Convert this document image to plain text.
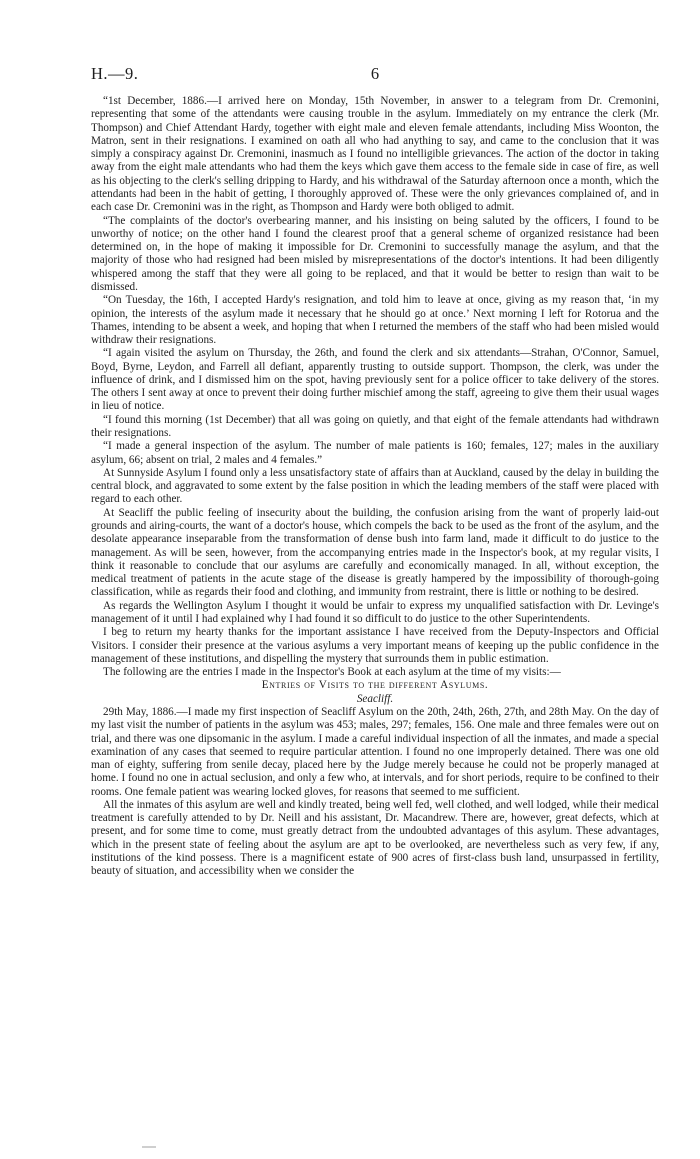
H.—9.	6

“1st December, 1886.—I arrived here on Monday, 15th November, in answer to a telegram from Dr. Cremonini, representing that some of the attendants were causing trouble in the asylum. Immediately on my entrance the clerk (Mr. Thompson) and Chief Attendant Hardy, together with eight male and eleven female attendants, including Miss Woonton, the Matron, sent in their resignations. I examined on oath all who had anything to say, and came to the conclusion that it was simply a conspiracy against Dr. Cremonini, inasmuch as I found no intelligible grievances. The action of the doctor in taking away from the eight male attendants who had them the keys which gave them access to the female side in case of fire, as well as his objecting to the clerk's selling dripping to Hardy, and his withdrawal of the Saturday afternoon once a month, which the attendants had been in the habit of getting, I thoroughly approved of. These were the only grievances complained of, and in each case Dr. Cremonini was in the right, as Thompson and Hardy were both obliged to admit.

“The complaints of the doctor's overbearing manner, and his insisting on being saluted by the officers, I found to be unworthy of notice; on the other hand I found the clearest proof that a general scheme of organized resistance had been determined on, in the hope of making it impossible for Dr. Cremonini to successfully manage the asylum, and that the majority of those who had resigned had been misled by misrepresentations of the doctor's intentions. It had been diligently whispered among the staff that they were all going to be replaced, and that it would be better to resign than wait to be dismissed.

“On Tuesday, the 16th, I accepted Hardy's resignation, and told him to leave at once, giving as my reason that, ‘in my opinion, the interests of the asylum made it necessary that he should go at once.’ Next morning I left for Rotorua and the Thames, intending to be absent a week, and hoping that when I returned the members of the staff who had been misled would withdraw their resignations.

“I again visited the asylum on Thursday, the 26th, and found the clerk and six attendants—Strahan, O'Connor, Samuel, Boyd, Byrne, Leydon, and Farrell all defiant, apparently trusting to outside support. Thompson, the clerk, was under the influence of drink, and I dismissed him on the spot, having previously sent for a police officer to take delivery of the stores. The others I sent away at once to prevent their doing further mischief among the staff, agreeing to give them their usual wages in lieu of notice.

“I found this morning (1st December) that all was going on quietly, and that eight of the female attendants had withdrawn their resignations.

“I made a general inspection of the asylum. The number of male patients is 160; females, 127; males in the auxiliary asylum, 66; absent on trial, 2 males and 4 females.”

At Sunnyside Asylum I found only a less unsatisfactory state of affairs than at Auckland, caused by the delay in building the central block, and aggravated to some extent by the false position in which the leading members of the staff were placed with regard to each other.

At Seacliff the public feeling of insecurity about the building, the confusion arising from the want of properly laid-out grounds and airing-courts, the want of a doctor's house, which compels the back to be used as the front of the asylum, and the desolate appearance inseparable from the transformation of dense bush into farm land, made it difficult to do justice to the management. As will be seen, however, from the accompanying entries made in the Inspector's book, at my regular visits, I think it reasonable to conclude that our asylums are carefully and economically managed. In all, without exception, the medical treatment of patients in the acute stage of the disease is greatly hampered by the impossibility of thorough-going classification, while as regards their food and clothing, and immunity from restraint, there is little or nothing to be desired.

As regards the Wellington Asylum I thought it would be unfair to express my unqualified satisfaction with Dr. Levinge's management of it until I had explained why I had found it so difficult to do justice to the other Superintendents.

I beg to return my hearty thanks for the important assistance I have received from the Deputy-Inspectors and Official Visitors. I consider their presence at the various asylums a very important means of keeping up the public confidence in the management of these institutions, and dispelling the mystery that surrounds them in public estimation.

The following are the entries I made in the Inspector's Book at each asylum at the time of my visits:—

Entries of Visits to the different Asylums.

Seacliff.

29th May, 1886.—I made my first inspection of Seacliff Asylum on the 20th, 24th, 26th, 27th, and 28th May. On the day of my last visit the number of patients in the asylum was 453; males, 297; females, 156. One male and three females were out on trial, and there was one dipsomanic in the asylum. I made a careful individual inspection of all the inmates, and made a special examination of any cases that seemed to require particular attention. I found no one improperly detained. There was one old man of eighty, suffering from senile decay, placed here by the Judge merely because he could not be properly managed at home. I found no one in actual seclusion, and only a few who, at intervals, and for short periods, require to be confined to their rooms. One female patient was wearing locked gloves, for reasons that seemed to me sufficient.

All the inmates of this asylum are well and kindly treated, being well fed, well clothed, and well lodged, while their medical treatment is carefully attended to by Dr. Neill and his assistant, Dr. Macandrew. There are, however, great defects, which at present, and for some time to come, must greatly detract from the undoubted advantages of this asylum. These advantages, which in the present state of feeling about the asylum are apt to be overlooked, are nevertheless such as very few, if any, institutions of the kind possess. There is a magnificent estate of 900 acres of first-class bush land, unsurpassed in fertility, beauty of situation, and accessibility when we consider the
